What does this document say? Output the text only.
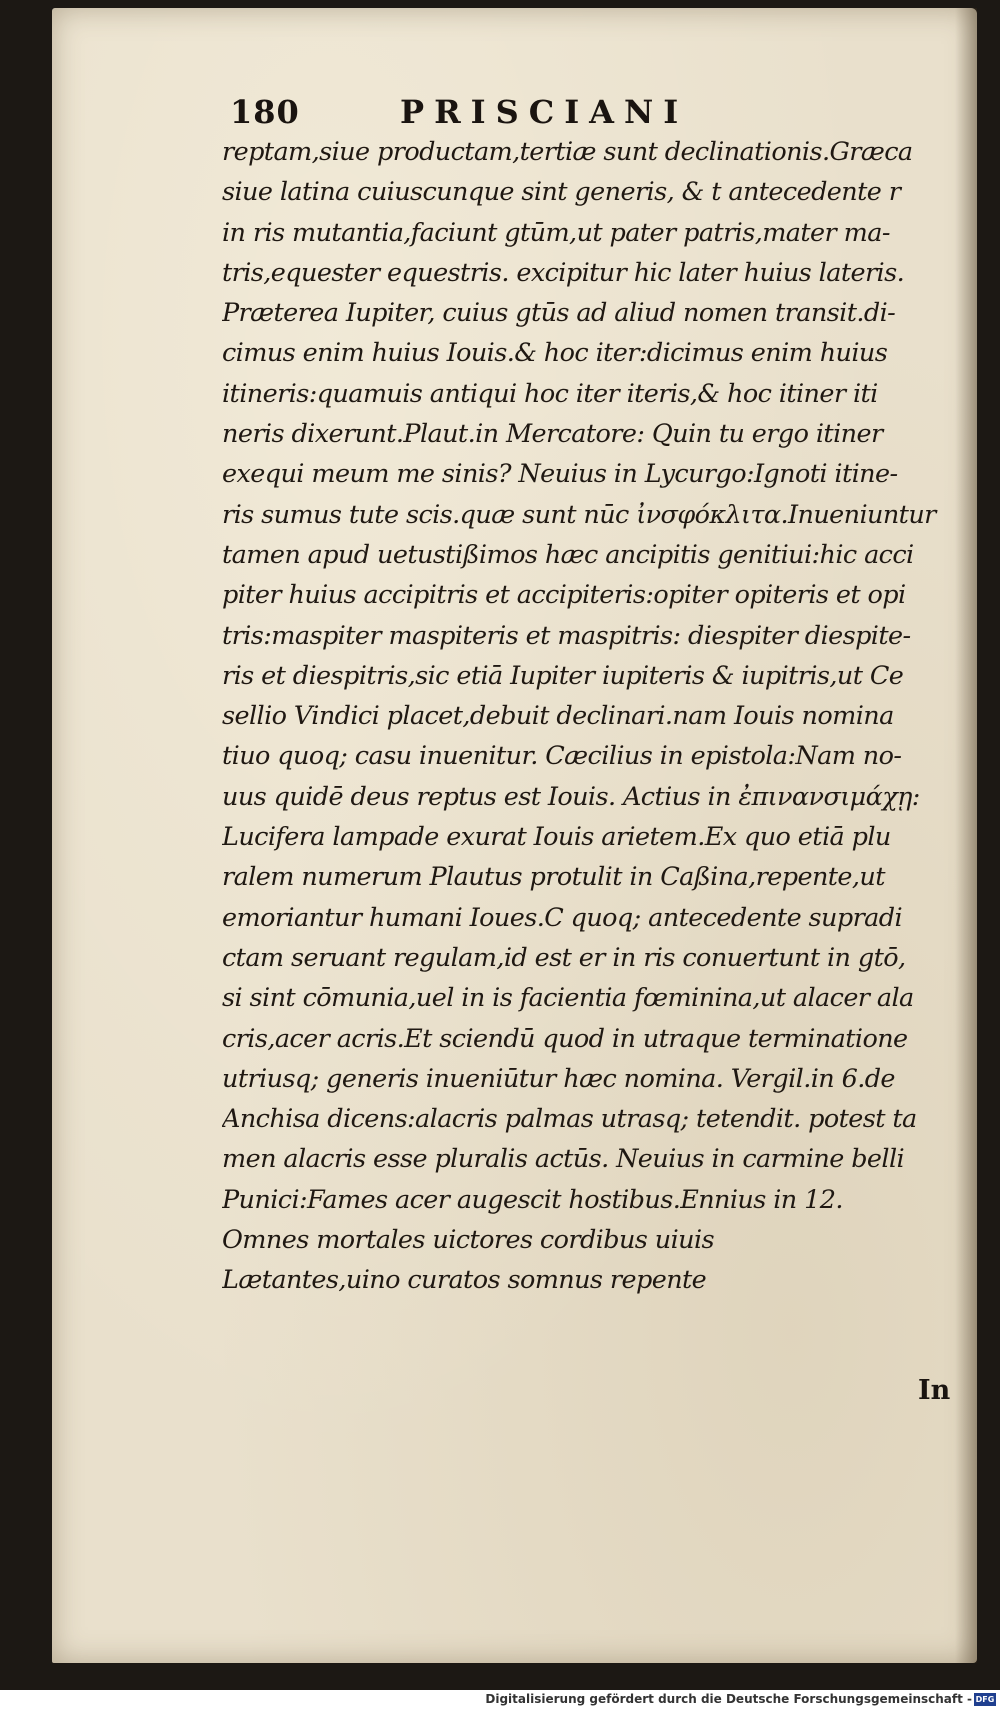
180	PRISCIANI
reptam,siue productam,tertiæ sunt declinationis.Græca
siue latina cuiuscunque sint generis, & t antecedente r
in ris mutantia,faciunt gtūm,ut pater patris,mater ma-
tris,equester equestris. excipitur hic later huius lateris.
Præterea Iupiter, cuius gtūs ad aliud nomen transit.di-
cimus enim huius Iouis.& hoc iter:dicimus enim huius
itineris:quamuis antiqui hoc iter iteris,& hoc itiner iti
neris dixerunt.Plaut.in Mercatore: Quin tu ergo itiner
exequi meum me sinis? Neuius in Lycurgo:Ignoti itine-
ris sumus tute scis.quæ sunt nūc ἰνσφόκλιτα.Inueniuntur
tamen apud uetustißimos hæc ancipitis genitiui:hic acci
piter huius accipitris et accipiteris:opiter opiteris et opi
tris:maspiter maspiteris et maspitris: diespiter diespite-
ris et diespitris,sic etiā Iupiter iupiteris & iupitris,ut Ce
sellio Vindici placet,debuit declinari.nam Iouis nomina
tiuo quoq; casu inuenitur. Cæcilius in epistola:Nam no-
uus quidē deus reptus est Iouis. Actius in ἐπινανσιμάχῃ:
Lucifera lampade exurat Iouis arietem.Ex quo etiā plu
ralem numerum Plautus protulit in Caßina,repente,ut
emoriantur humani Ioues.C quoq; antecedente supradi
ctam seruant regulam,id est er in ris conuertunt in gtō,
si sint cōmunia,uel in is facientia fœminina,ut alacer ala
cris,acer acris.Et sciendū quod in utraque terminatione
utriusq; generis inueniūtur hæc nomina. Vergil.in 6.de
Anchisa dicens:alacris palmas utrasq; tetendit. potest ta
men alacris esse pluralis actūs. Neuius in carmine belli
Punici:Fames acer augescit hostibus.Ennius in 12.
Omnes mortales uictores cordibus uiuis
Lætantes,uino curatos somnus repente
In
Digitalisierung gefördert durch die Deutsche Forschungsgemeinschaft - DFG
